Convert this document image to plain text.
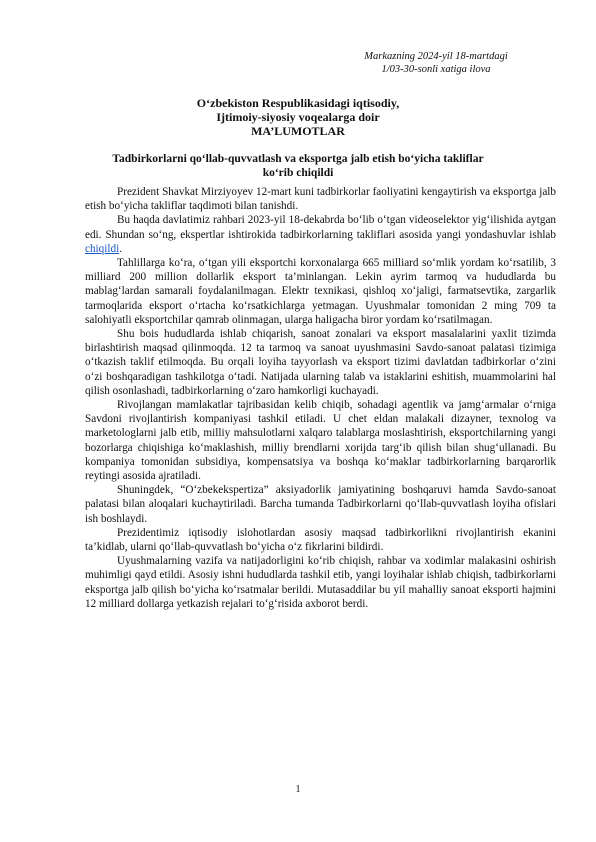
Markazning 2024-yil 18-martdagi
1/03-30-sonli xatiga ilova
O‘zbekiston Respublikasidagi iqtisodiy,
Ijtimoiy-siyosiy voqealarga doir
MA’LUMOTLAR
Tadbirkorlarni qo‘llab-quvvatlash va eksportga jalb etish bo‘yicha takliflar
ko‘rib chiqildi

Prezident Shavkat Mirziyoyev 12-mart kuni tadbirkorlar faoliyatini kengaytirish va eksportga jalb etish bo‘yicha takliflar taqdimoti bilan tanishdi.

Bu haqda davlatimiz rahbari 2023-yil 18-dekabrda bo‘lib o‘tgan videoselektor yig‘ilishida aytgan edi. Shundan so‘ng, ekspertlar ishtirokida tadbirkorlarning takliflari asosida yangi yondashuvlar ishlab chiqildi.

Tahlillarga ko‘ra, o‘tgan yili eksportchi korxonalarga 665 milliard so‘mlik yordam ko‘rsatilib, 3 milliard 200 million dollarlik eksport ta’minlangan. Lekin ayrim tarmoq va hududlarda bu mablag‘lardan samarali foydalanilmagan. Elektr texnikasi, qishloq xo‘jaligi, farmatsevtika, zargarlik tarmoqlarida eksport o‘rtacha ko‘rsatkichlarga yetmagan. Uyushmalar tomonidan 2 ming 709 ta salohiyatli eksportchilar qamrab olinmagan, ularga haligacha biror yordam ko‘rsatilmagan.

Shu bois hududlarda ishlab chiqarish, sanoat zonalari va eksport masalalarini yaxlit tizimda birlashtirish maqsad qilinmoqda. 12 ta tarmoq va sanoat uyushmasini Savdo-sanoat palatasi tizimiga o‘tkazish taklif etilmoqda. Bu orqali loyiha tayyorlash va eksport tizimi davlatdan tadbirkorlar o‘zini o‘zi boshqaradigan tashkilotga o‘tadi. Natijada ularning talab va istaklarini eshitish, muammolarini hal qilish osonlashadi, tadbirkorlarning o‘zaro hamkorligi kuchayadi.

Rivojlangan mamlakatlar tajribasidan kelib chiqib, sohadagi agentlik va jamg‘armalar o‘rniga Savdoni rivojlantirish kompaniyasi tashkil etiladi. U chet eldan malakali dizayner, texnolog va marketologlarni jalb etib, milliy mahsulotlarni xalqaro talablarga moslashtirish, eksportchilarning yangi bozorlarga chiqishiga ko‘maklashish, milliy brendlarni xorijda targ‘ib qilish bilan shug‘ullanadi. Bu kompaniya tomonidan subsidiya, kompensatsiya va boshqa ko‘maklar tadbirkorlarning barqarorlik reytingi asosida ajratiladi.

Shuningdek, “O‘zbekekspertiza” aksiyadorlik jamiyatining boshqaruvi hamda Savdo-sanoat palatasi bilan aloqalari kuchaytiriladi. Barcha tumanda Tadbirkorlarni qo‘llab-quvvatlash loyiha ofislari ish boshlaydi.

Prezidentimiz iqtisodiy islohotlardan asosiy maqsad tadbirkorlikni rivojlantirish ekanini ta’kidlab, ularni qo‘llab-quvvatlash bo‘yicha o‘z fikrlarini bildirdi.

Uyushmalarning vazifa va natijadorligini ko‘rib chiqish, rahbar va xodimlar malakasini oshirish muhimligi qayd etildi. Asosiy ishni hududlarda tashkil etib, yangi loyihalar ishlab chiqish, tadbirkorlarni eksportga jalb qilish bo‘yicha ko‘rsatmalar berildi. Mutasaddilar bu yil mahalliy sanoat eksporti hajmini 12 milliard dollarga yetkazish rejalari to‘g‘risida axborot berdi.

1
